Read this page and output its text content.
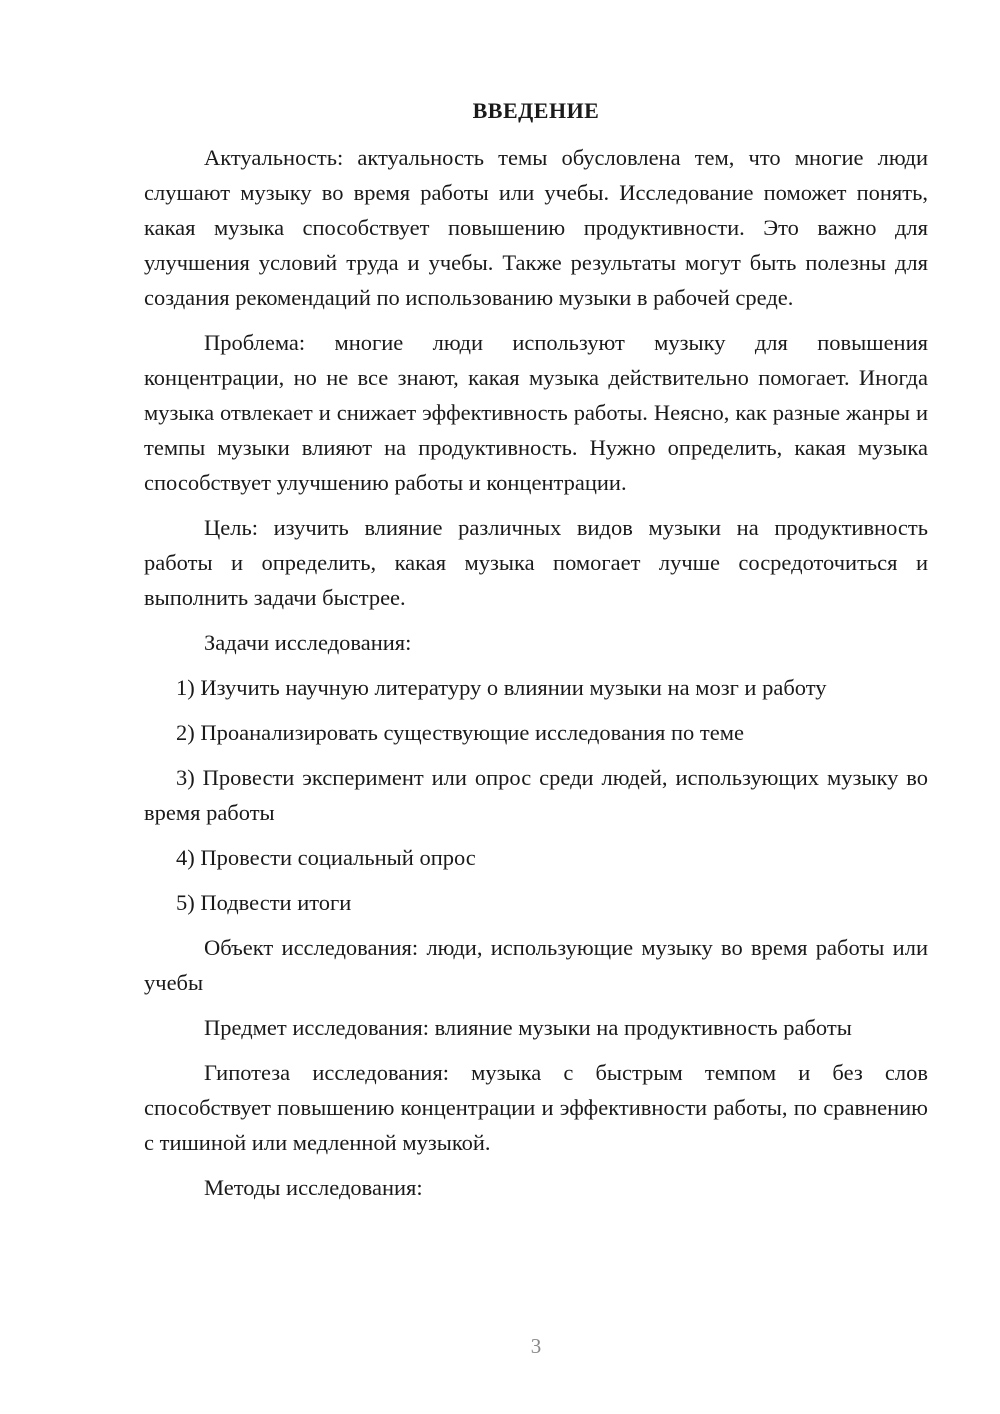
ВВЕДЕНИЕ

Актуальность: актуальность темы обусловлена тем, что многие люди слушают музыку во время работы или учебы. Исследование поможет понять, какая музыка способствует повышению продуктивности. Это важно для улучшения условий труда и учебы. Также результаты могут быть полезны для создания рекомендаций по использованию музыки в рабочей среде.

Проблема: многие люди используют музыку для повышения концентрации, но не все знают, какая музыка действительно помогает. Иногда музыка отвлекает и снижает эффективность работы. Неясно, как разные жанры и темпы музыки влияют на продуктивность. Нужно определить, какая музыка способствует улучшению работы и концентрации.

Цель: изучить влияние различных видов музыки на продуктивность работы и определить, какая музыка помогает лучше сосредоточиться и выполнить задачи быстрее.

Задачи исследования:

1) Изучить научную литературу о влиянии музыки на мозг и работу

2) Проанализировать существующие исследования по теме

3) Провести эксперимент или опрос среди людей, использующих музыку во время работы

4) Провести социальный опрос

5) Подвести итоги

Объект исследования: люди, использующие музыку во время работы или учебы

Предмет исследования: влияние музыки на продуктивность работы

Гипотеза исследования: музыка с быстрым темпом и без слов способствует повышению концентрации и эффективности работы, по сравнению с тишиной или медленной музыкой.

Методы исследования:

3
